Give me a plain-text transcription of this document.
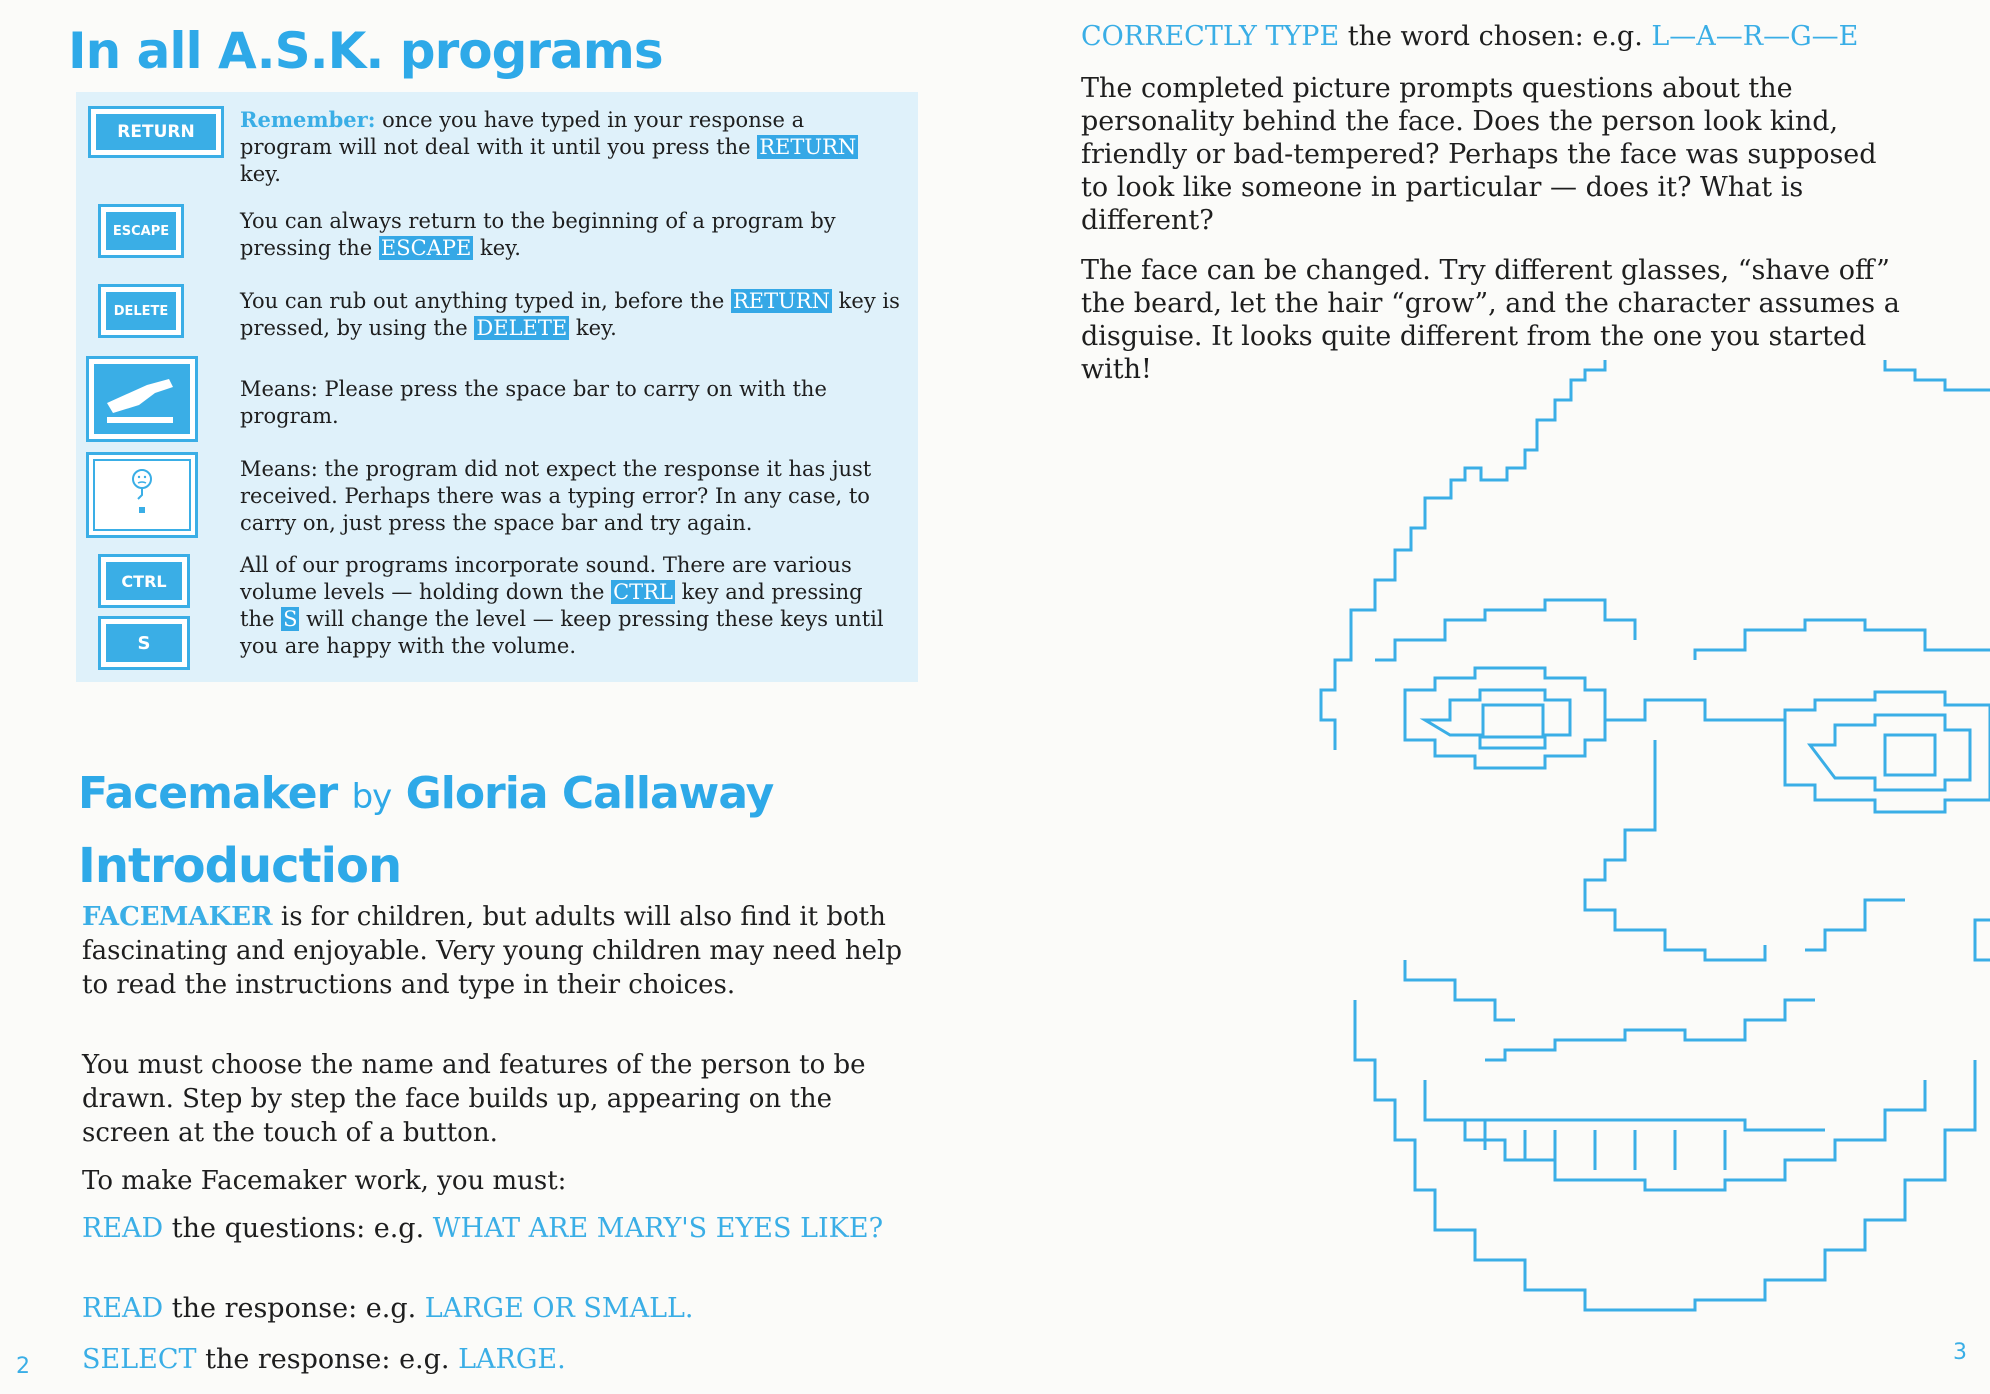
In all A.S.K. programs
RETURN	Remember: once you have typed in your response a program will not deal with it until you press the RETURN key.
ESCAPE	You can always return to the beginning of a program by pressing the ESCAPE key.
DELETE	You can rub out anything typed in, before the RETURN key is pressed, by using the DELETE key.
Means: Please press the space bar to carry on with the program.
Means: the program did not expect the response it has just received. Perhaps there was a typing error? In any case, to carry on, just press the space bar and try again.
CTRL
S
All of our programs incorporate sound. There are various volume levels — holding down the CTRL key and pressing the S will change the level — keep pressing these keys until you are happy with the volume.
Facemaker by Gloria Callaway
Introduction
FACEMAKER is for children, but adults will also find it both fascinating and enjoyable. Very young children may need help to read the instructions and type in their choices.
You must choose the name and features of the person to be drawn. Step by step the face builds up, appearing on the screen at the touch of a button.
To make Facemaker work, you must:
READ the questions: e.g. WHAT ARE MARY'S EYES LIKE?
READ the response: e.g. LARGE OR SMALL.
SELECT the response: e.g. LARGE.
2
CORRECTLY TYPE the word chosen: e.g. L—A—R—G—E
The completed picture prompts questions about the personality behind the face. Does the person look kind, friendly or bad-tempered? Perhaps the face was supposed to look like someone in particular — does it? What is different?
The face can be changed. Try different glasses, “shave off” the beard, let the hair “grow”, and the character assumes a disguise. It looks quite different from the one you started with!
3
